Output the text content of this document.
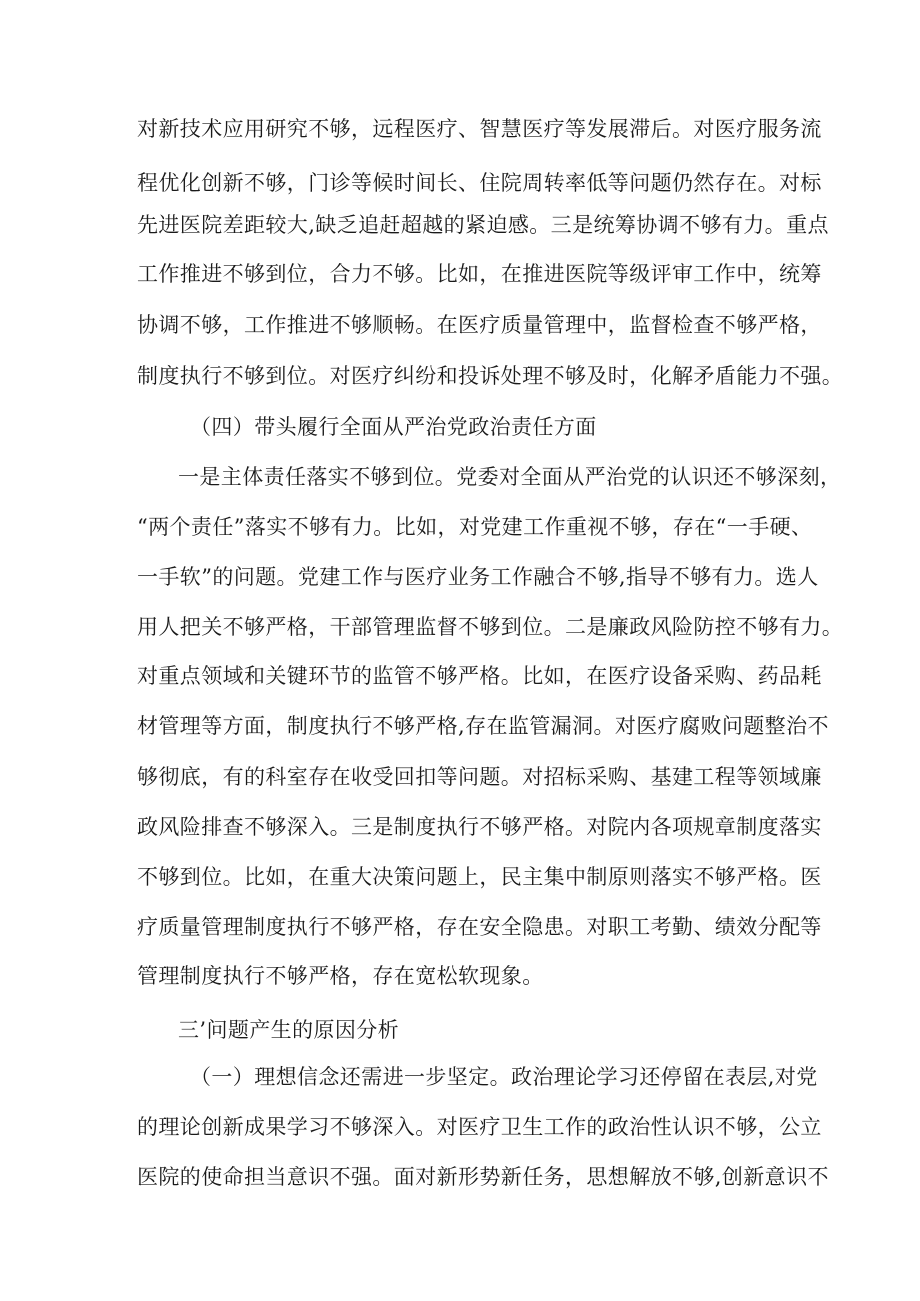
对新技术应用研究不够，远程医疗、智慧医疗等发展滞后。对医疗服务流
程优化创新不够，门诊等候时间长、住院周转率低等问题仍然存在。对标
先进医院差距较大,缺乏追赶超越的紧迫感。三是统筹协调不够有力。重点
工作推进不够到位，合力不够。比如，在推进医院等级评审工作中，统筹
协调不够，工作推进不够顺畅。在医疗质量管理中，监督检查不够严格，
制度执行不够到位。对医疗纠纷和投诉处理不够及时，化解矛盾能力不强。
（四）带头履行全面从严治党政治责任方面
一是主体责任落实不够到位。党委对全面从严治党的认识还不够深刻，
“两个责任”落实不够有力。比如，对党建工作重视不够，存在“一手硬、
一手软”的问题。党建工作与医疗业务工作融合不够,指导不够有力。选人
用人把关不够严格，干部管理监督不够到位。二是廉政风险防控不够有力。
对重点领域和关键环节的监管不够严格。比如，在医疗设备采购、药品耗
材管理等方面，制度执行不够严格,存在监管漏洞。对医疗腐败问题整治不
够彻底，有的科室存在收受回扣等问题。对招标采购、基建工程等领域廉
政风险排查不够深入。三是制度执行不够严格。对院内各项规章制度落实
不够到位。比如，在重大决策问题上，民主集中制原则落实不够严格。医
疗质量管理制度执行不够严格，存在安全隐患。对职工考勤、绩效分配等
管理制度执行不够严格，存在宽松软现象。
三’问题产生的原因分析
（一）理想信念还需进一步坚定。政治理论学习还停留在表层,对党
的理论创新成果学习不够深入。对医疗卫生工作的政治性认识不够，公立
医院的使命担当意识不强。面对新形势新任务，思想解放不够,创新意识不
